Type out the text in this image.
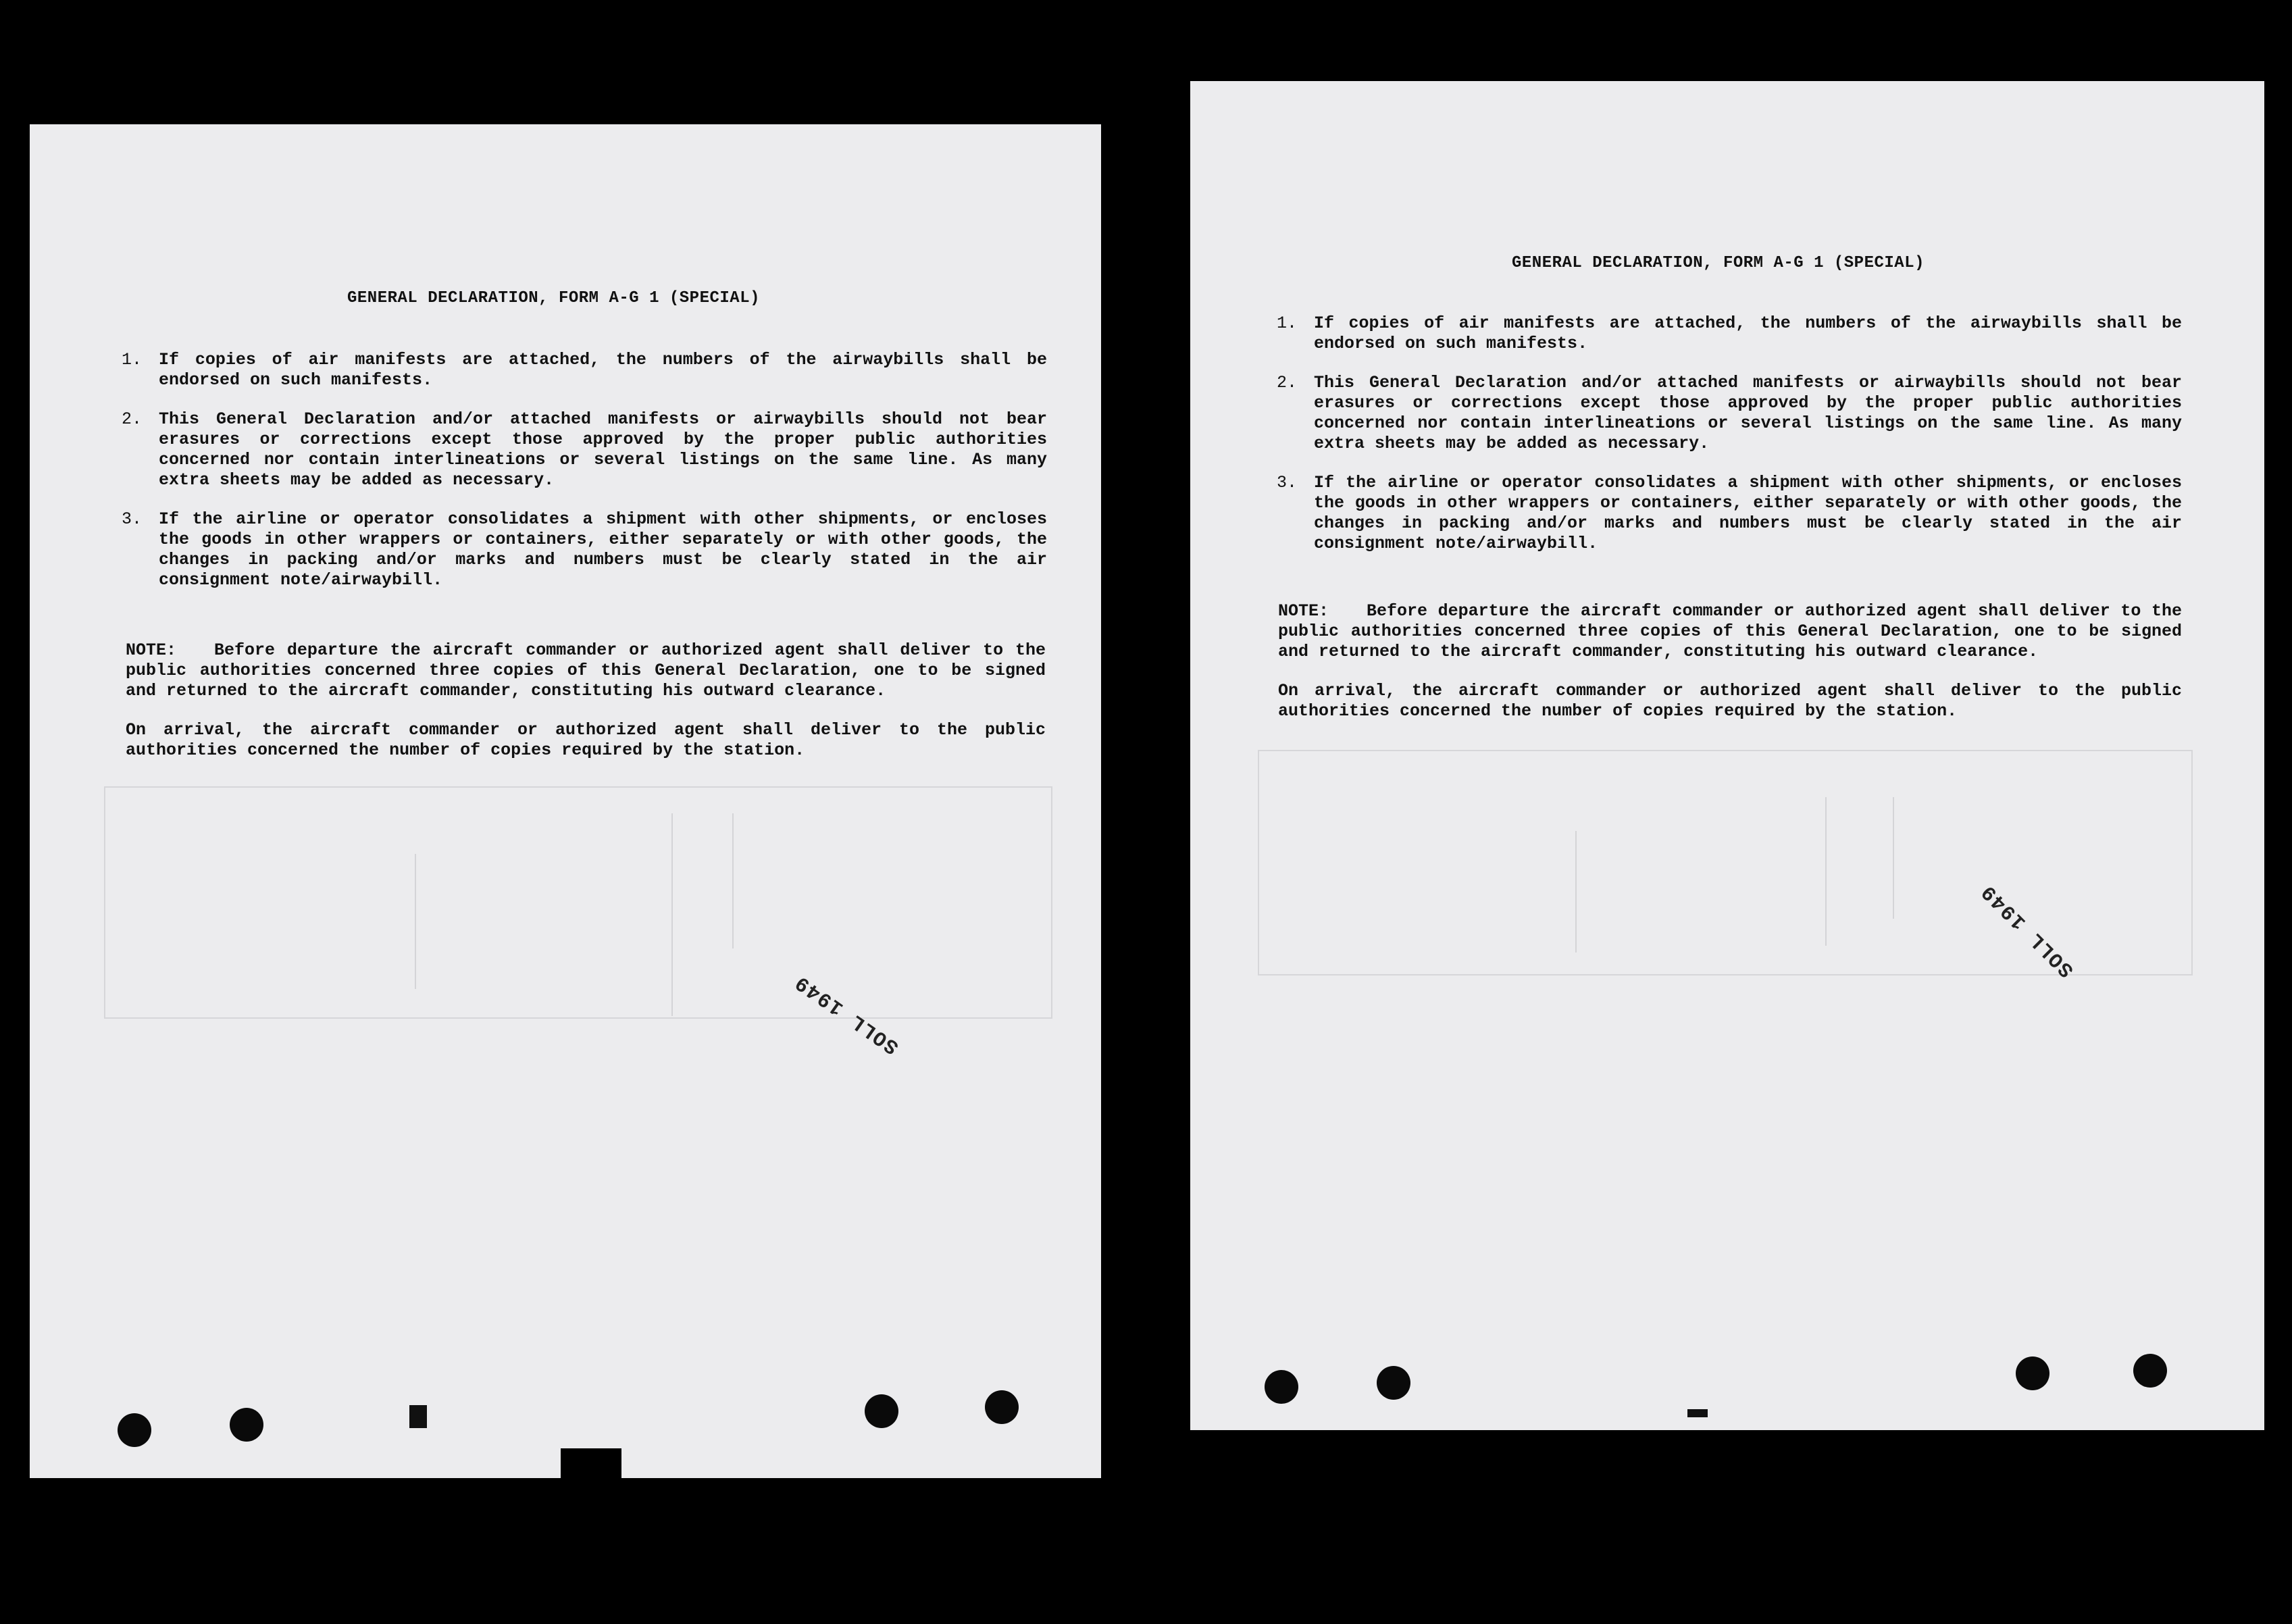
GENERAL DECLARATION, FORM A-G 1 (SPECIAL)
1. If copies of air manifests are attached, the numbers of the airwaybills shall be endorsed on such manifests.
2. This General Declaration and/or attached manifests or airwaybills should not bear erasures or corrections except those approved by the proper public authorities concerned nor contain interlineations or several listings on the same line. As many extra sheets may be added as necessary.
3. If the airline or operator consolidates a shipment with other shipments, or encloses the goods in other wrappers or containers, either separately or with other goods, the changes in packing and/or marks and numbers must be clearly stated in the air consignment note/airwaybill.

NOTE: Before departure the aircraft commander or authorized agent shall deliver to the public authorities concerned three copies of this General Declaration, one to be signed and returned to the aircraft commander, constituting his outward clearance.

On arrival, the aircraft commander or authorized agent shall deliver to the public authorities concerned the number of copies required by the station.

SOLL 1949
GENERAL DECLARATION, FORM A-G 1 (SPECIAL)
1. If copies of air manifests are attached, the numbers of the airwaybills shall be endorsed on such manifests.
2. This General Declaration and/or attached manifests or airwaybills should not bear erasures or corrections except those approved by the proper public authorities concerned nor contain interlineations or several listings on the same line. As many extra sheets may be added as necessary.
3. If the airline or operator consolidates a shipment with other shipments, or encloses the goods in other wrappers or containers, either separately or with other goods, the changes in packing and/or marks and numbers must be clearly stated in the air consignment note/airwaybill.

NOTE: Before departure the aircraft commander or authorized agent shall deliver to the public authorities concerned three copies of this General Declaration, one to be signed and returned to the aircraft commander, constituting his outward clearance.

On arrival, the aircraft commander or authorized agent shall deliver to the public authorities concerned the number of copies required by the station.

SOLL 1949
